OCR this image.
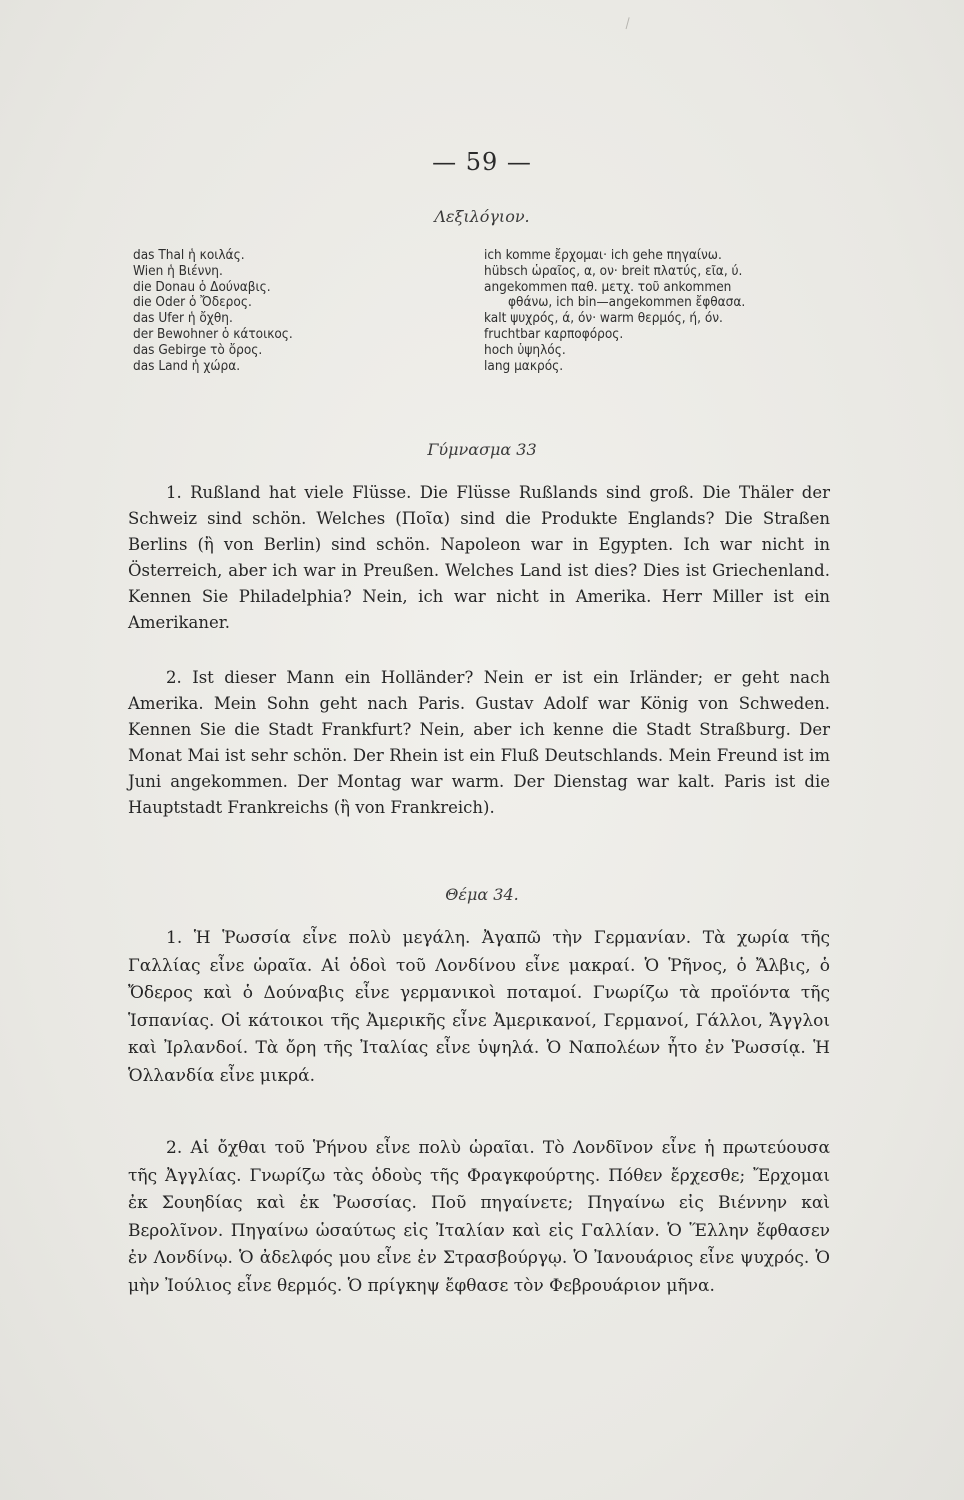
— 59 —
Λεξιλόγιον.
das Thal ἡ κοιλάς.
Wien ἡ Βιέννη.
die Donau ὁ Δούναβις.
die Oder ὁ Ὄδερος.
das Ufer ἡ ὄχθη.
der Bewohner ὁ κάτοικος.
das Gebirge τὸ ὄρος.
das Land ἡ χώρα.
ich komme ἔρχομαι· ich gehe πηγαίνω.
hübsch ὡραῖος, α, ον· breit πλατύς, εῖα, ύ.
angekommen παθ. μετχ. τοῦ ankommen
φθάνω, ich bin—angekommen ἔφθασα.
kalt ψυχρός, ά, όν· warm θερμός, ή, όν.
fruchtbar καρποφόρος.
hoch ὑψηλός.
lang μακρός.
Γύμνασμα 33
1. Rußland hat viele Flüsse. Die Flüsse Rußlands sind groß. Die Thäler der Schweiz sind schön. Welches (Ποῖα) sind die Produkte Englands? Die Straßen Berlins (ἢ von Berlin) sind schön. Napoleon war in Egypten. Ich war nicht in Österreich, aber ich war in Preußen. Welches Land ist dies? Dies ist Griechenland. Kennen Sie Philadelphia? Nein, ich war nicht in Amerika. Herr Miller ist ein Amerikaner.
2. Ist dieser Mann ein Holländer? Nein er ist ein Irländer; er geht nach Amerika. Mein Sohn geht nach Paris. Gustav Adolf war König von Schweden. Kennen Sie die Stadt Frankfurt? Nein, aber ich kenne die Stadt Straßburg. Der Monat Mai ist sehr schön. Der Rhein ist ein Fluß Deutschlands. Mein Freund ist im Juni angekommen. Der Montag war warm. Der Dienstag war kalt. Paris ist die Hauptstadt Frankreichs (ἢ von Frankreich).
Θέμα 34.
1. Ἡ Ῥωσσία εἶνε πολὺ μεγάλη. Ἀγαπῶ τὴν Γερμανίαν. Τὰ χωρία τῆς Γαλλίας εἶνε ὡραῖα. Αἱ ὁδοὶ τοῦ Λονδίνου εἶνε μακραί. Ὁ Ῥῆνος, ὁ Ἄλβις, ὁ Ὄδερος καὶ ὁ Δούναβις εἶνε γερμανικοὶ ποταμοί. Γνωρίζω τὰ προϊόντα τῆς Ἱσπανίας. Οἱ κάτοικοι τῆς Ἀμερικῆς εἶνε Ἀμερικανοί, Γερμανοί, Γάλλοι, Ἄγγλοι καὶ Ἰρλανδοί. Τὰ ὄρη τῆς Ἰταλίας εἶνε ὑψηλά. Ὁ Ναπολέων ἦτο ἐν Ῥωσσίᾳ. Ἡ Ὁλλανδία εἶνε μικρά.
2. Αἱ ὄχθαι τοῦ Ῥήνου εἶνε πολὺ ὡραῖαι. Τὸ Λονδῖνον εἶνε ἡ πρωτεύουσα τῆς Ἀγγλίας. Γνωρίζω τὰς ὁδοὺς τῆς Φραγκφούρτης. Πόθεν ἔρχεσθε; Ἔρχομαι ἐκ Σουηδίας καὶ ἐκ Ῥωσσίας. Ποῦ πηγαίνετε; Πηγαίνω εἰς Βιέννην καὶ Βερολῖνον. Πηγαίνω ὡσαύτως εἰς Ἰταλίαν καὶ εἰς Γαλλίαν. Ὁ Ἕλλην ἔφθασεν ἐν Λονδίνῳ. Ὁ ἀδελφός μου εἶνε ἐν Στρασβούργῳ. Ὁ Ἰανουάριος εἶνε ψυχρός. Ὁ μὴν Ἰούλιος εἶνε θερμός. Ὁ πρίγκηψ ἔφθασε τὸν Φεβρουάριον μῆνα.
